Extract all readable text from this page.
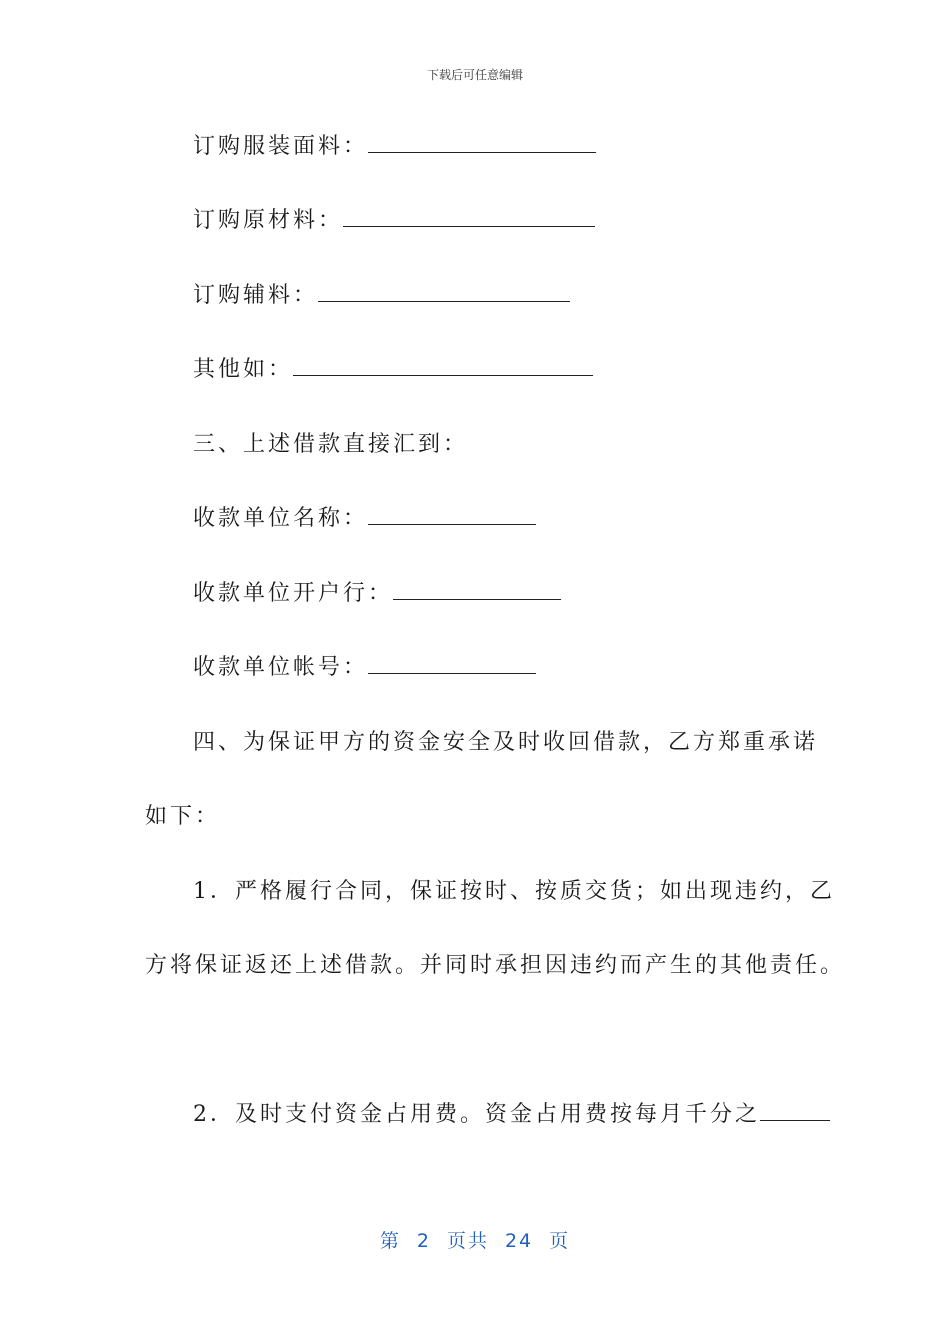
下载后可任意编辑
订购服装面料：
订购原材料：
订购辅料：
其他如：
三、上述借款直接汇到：
收款单位名称：
收款单位开户行：
收款单位帐号：
四、为保证甲方的资金安全及时收回借款，乙方郑重承诺
如下：
1．严格履行合同，保证按时、按质交货；如出现违约，乙
方将保证返还上述借款。并同时承担因违约而产生的其他责任。
2．及时支付资金占用费。资金占用费按每月千分之
第 2 页共 24 页
